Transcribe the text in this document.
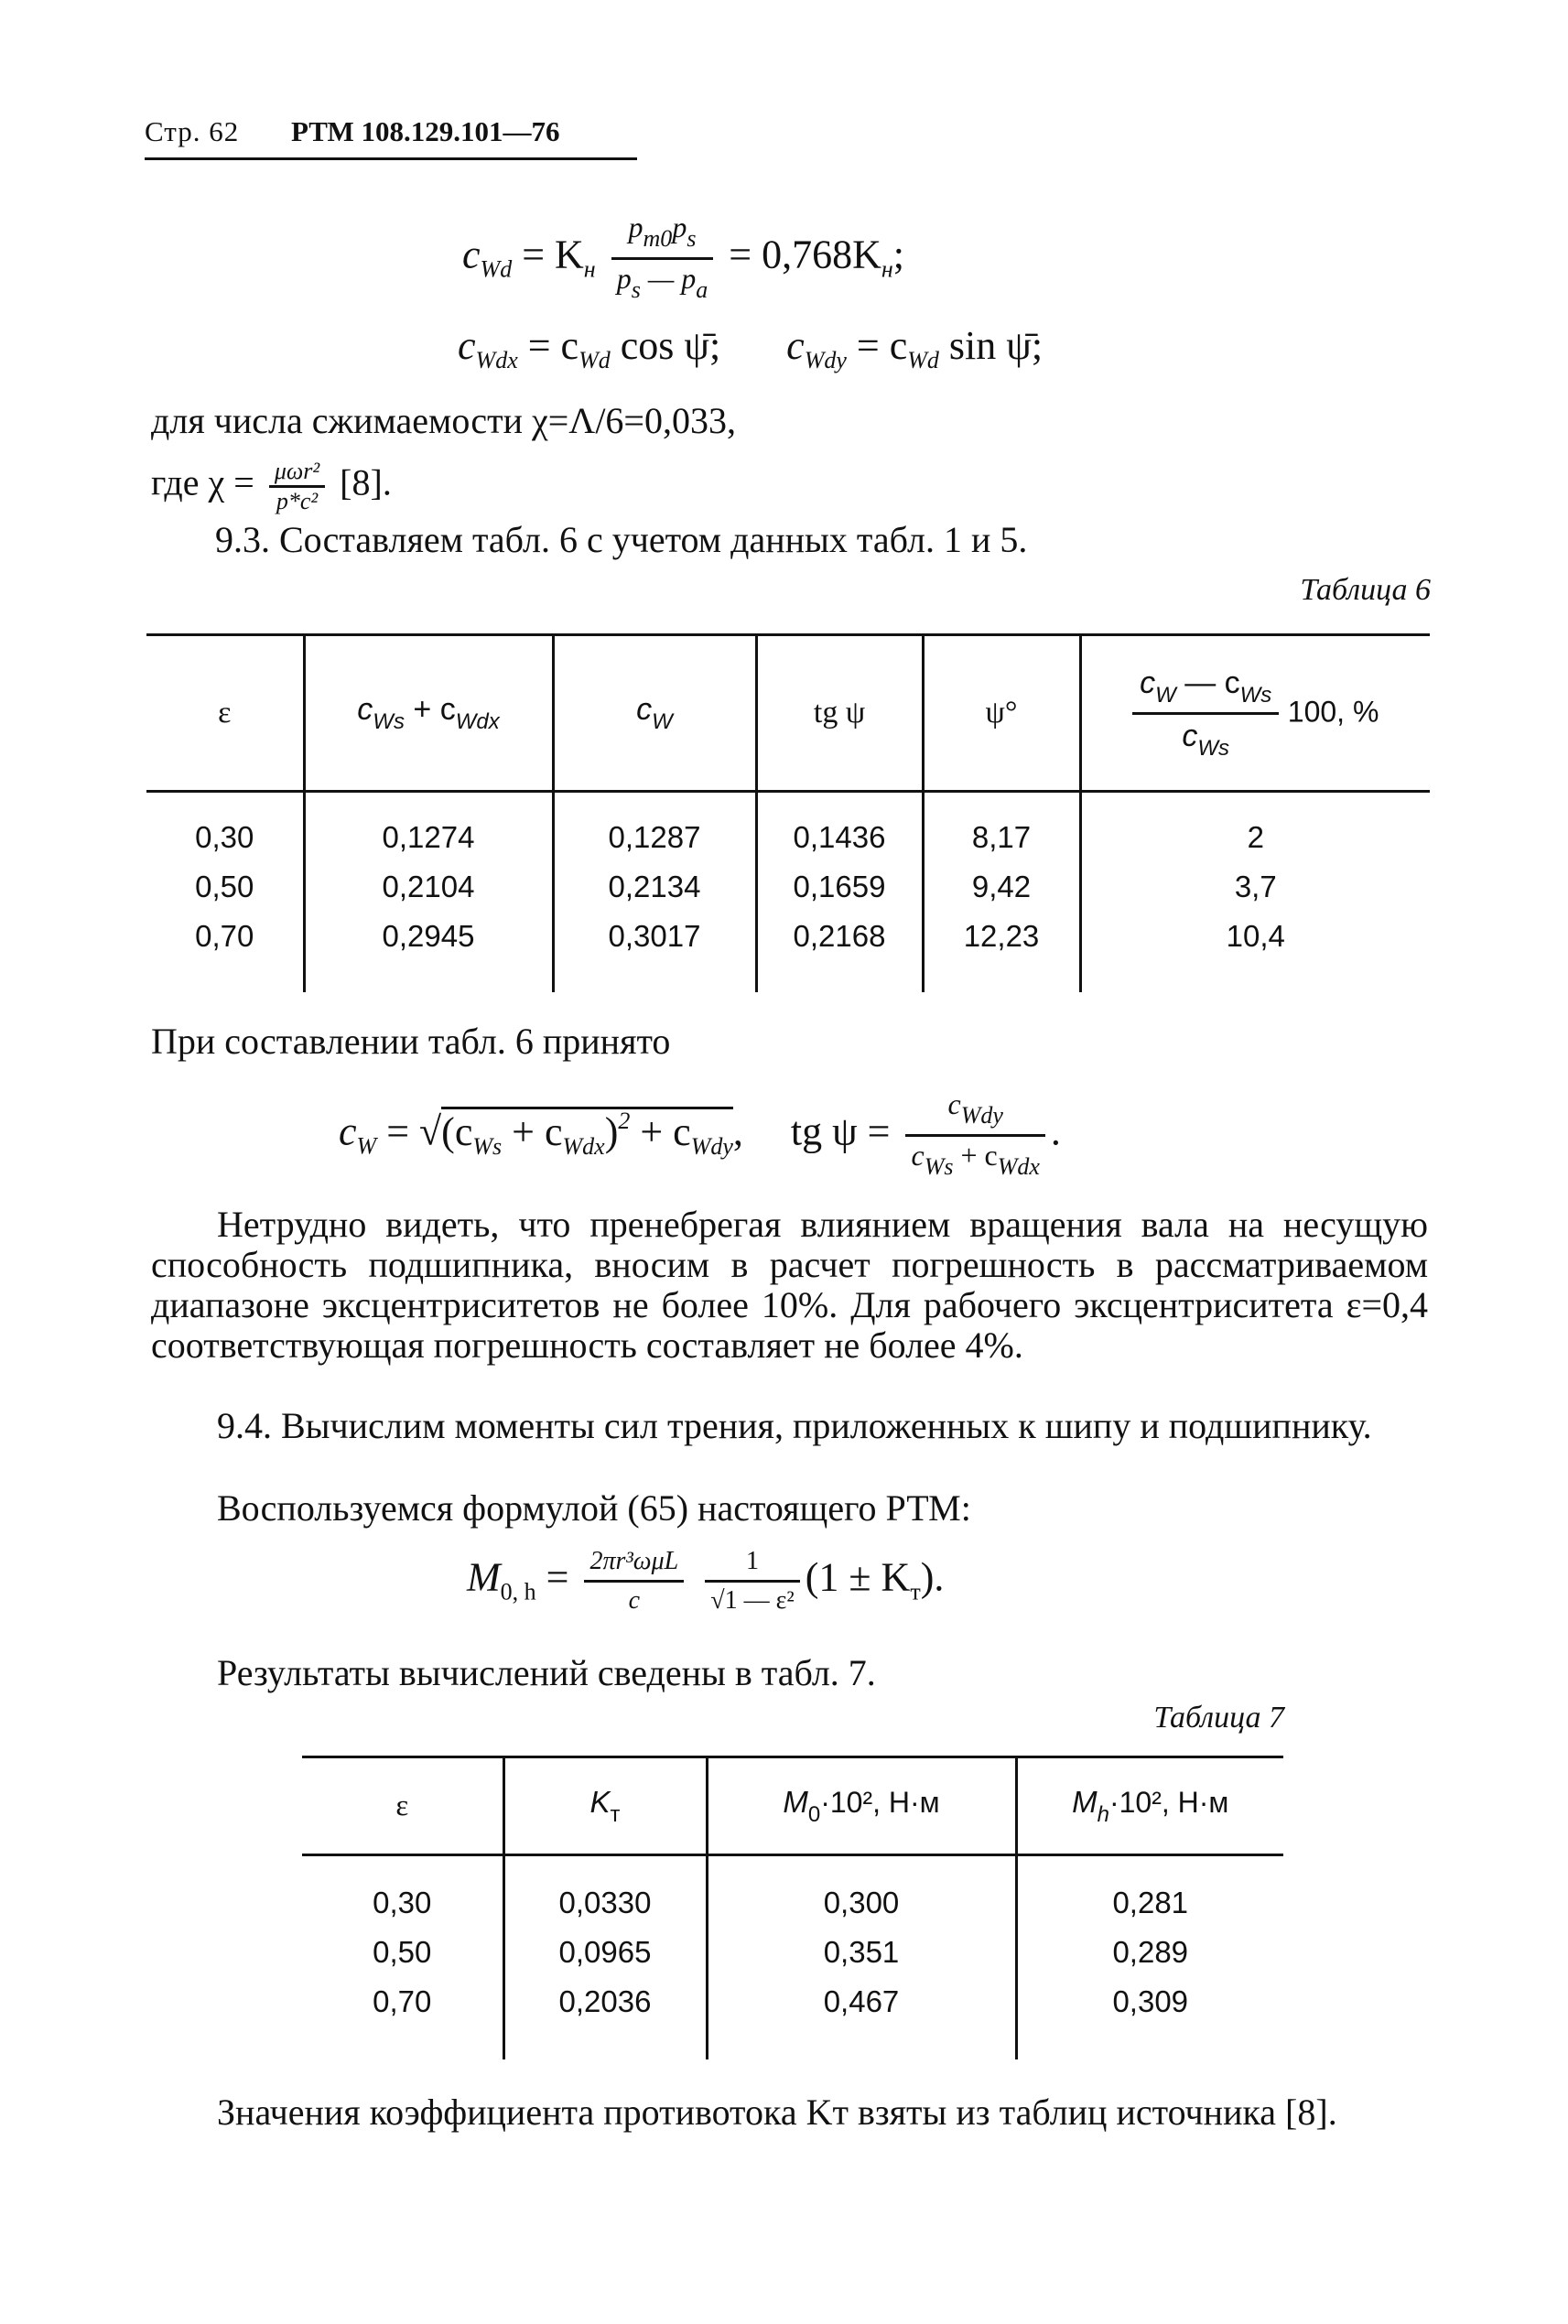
Стр. 62 РТМ 108.129.101—76
$c_{Wd} = K_н \frac{p_{m0}p_s}{p_s — p_a} = 0,768K_н$;
$c_{Wdx} = c_{Wd}$ cos ψ̄; $c_{Wdy} = c_{Wd}$ sin ψ̄;
для числа сжимаемости χ=Λ/6=0,033,
где $\chi = \frac{\text{μωr²}}{\text{p*c²}} [8]$.
9.3. Составляем табл. 6 с учетом данных табл. 1 и 5.
Таблица 6
ε	$c_{Ws} + c_{Wdx}$	$c_W$	tg ψ	ψ°	$\frac{c_W — c_{Ws}}{c_{Ws}} 100$, %
0,30	0,1274	0,1287	0,1436	8,17	2
0,50	0,2104	0,2134	0,1659	9,42	3,7
0,70	0,2945	0,3017	0,2168	12,23	10,4
При составлении табл. 6 принято
$c_W = √(c_{Ws} + c_{Wdx})^2 + c_{Wdy}$, tg $\psi = \frac{c_{Wdy}}{c_{Ws} + c_{Wdx}}$ .
Нетрудно видеть, что пренебрегая влиянием вращения вала на несущую способность подшипника, вносим в расчет погрешность в рассматриваемом диапазоне эксцентриситетов не более 10%. Для рабочего эксцентриситета ε=0,4 соответствующая погрешность составляет не более 4%.
9.4. Вычислим моменты сил трения, приложенных к шипу и подшипнику.
Воспользуемся формулой (65) настоящего РТМ:
$M_{0, h} = \frac{\text{2πr³ωμL}}{c}$
$\frac{1}{\text{√1 — ε²}} (1 \pm K_т)$.
Результаты вычислений сведены в табл. 7.
Таблица 7
ε	$K_т$	$M_0\cdot 10^2$, Н·м	$M_h\cdot 10^2$, Н·м
0,30	0,0330	0,300	0,281
0,50	0,0965	0,351	0,289
0,70	0,2036	0,467	0,309
Значения коэффициента противотока Kт взяты из таблиц источника [8].
